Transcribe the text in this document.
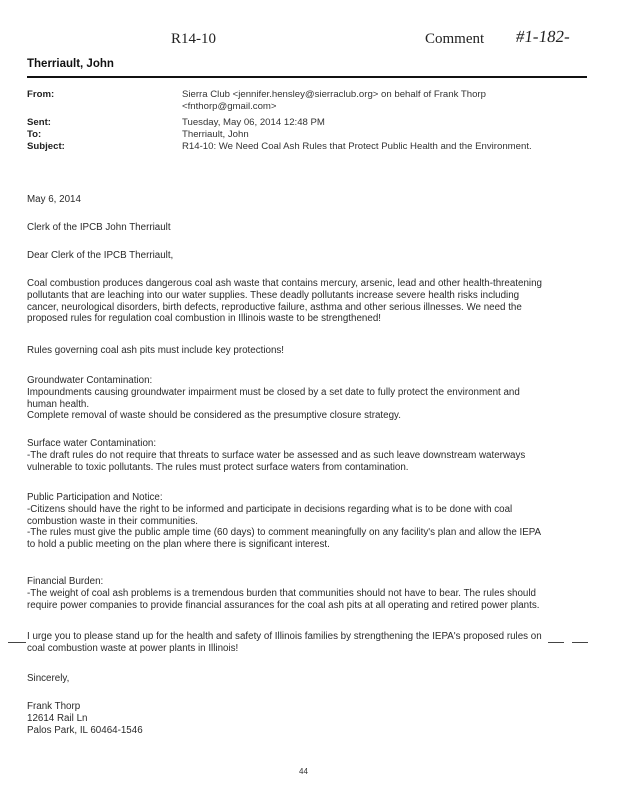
R14-10	Comment #1-182-
Therriault, John
From:	Sierra Club <jennifer.hensley@sierraclub.org> on behalf of Frank Thorp
<fnthorp@gmail.com>
Sent:	Tuesday, May 06, 2014 12:48 PM
To:	Therriault, John
Subject:	R14-10: We Need Coal Ash Rules that Protect Public Health and the Environment.

May 6, 2014

Clerk of the IPCB John Therriault

Dear Clerk of the IPCB Therriault,

Coal combustion produces dangerous coal ash waste that contains mercury, arsenic, lead and other health-threatening

pollutants that are leaching into our water supplies. These deadly pollutants increase severe health risks including

cancer, neurological disorders, birth defects, reproductive failure, asthma and other serious illnesses. We need the

proposed rules for regulation coal combustion in Illinois waste to be strengthened!

Rules governing coal ash pits must include key protections!

Groundwater Contamination:

Impoundments causing groundwater impairment must be closed by a set date to fully protect the environment and

human health.

Complete removal of waste should be considered as the presumptive closure strategy.

Surface water Contamination:

-The draft rules do not require that threats to surface water be assessed and as such leave downstream waterways

vulnerable to toxic pollutants. The rules must protect surface waters from contamination.

Public Participation and Notice:

-Citizens should have the right to be informed and participate in decisions regarding what is to be done with coal

combustion waste in their communities.

-The rules must give the public ample time (60 days) to comment meaningfully on any facility's plan and allow the IEPA

to hold a public meeting on the plan where there is significant interest.

Financial Burden:

-The weight of coal ash problems is a tremendous burden that communities should not have to bear. The rules should

require power companies to provide financial assurances for the coal ash pits at all operating and retired power plants.

I urge you to please stand up for the health and safety of Illinois families by strengthening the IEPA's proposed rules on

coal combustion waste at power plants in Illinois!

Sincerely,

Frank Thorp

12614 Rail Ln

Palos Park, IL 60464-1546

44
